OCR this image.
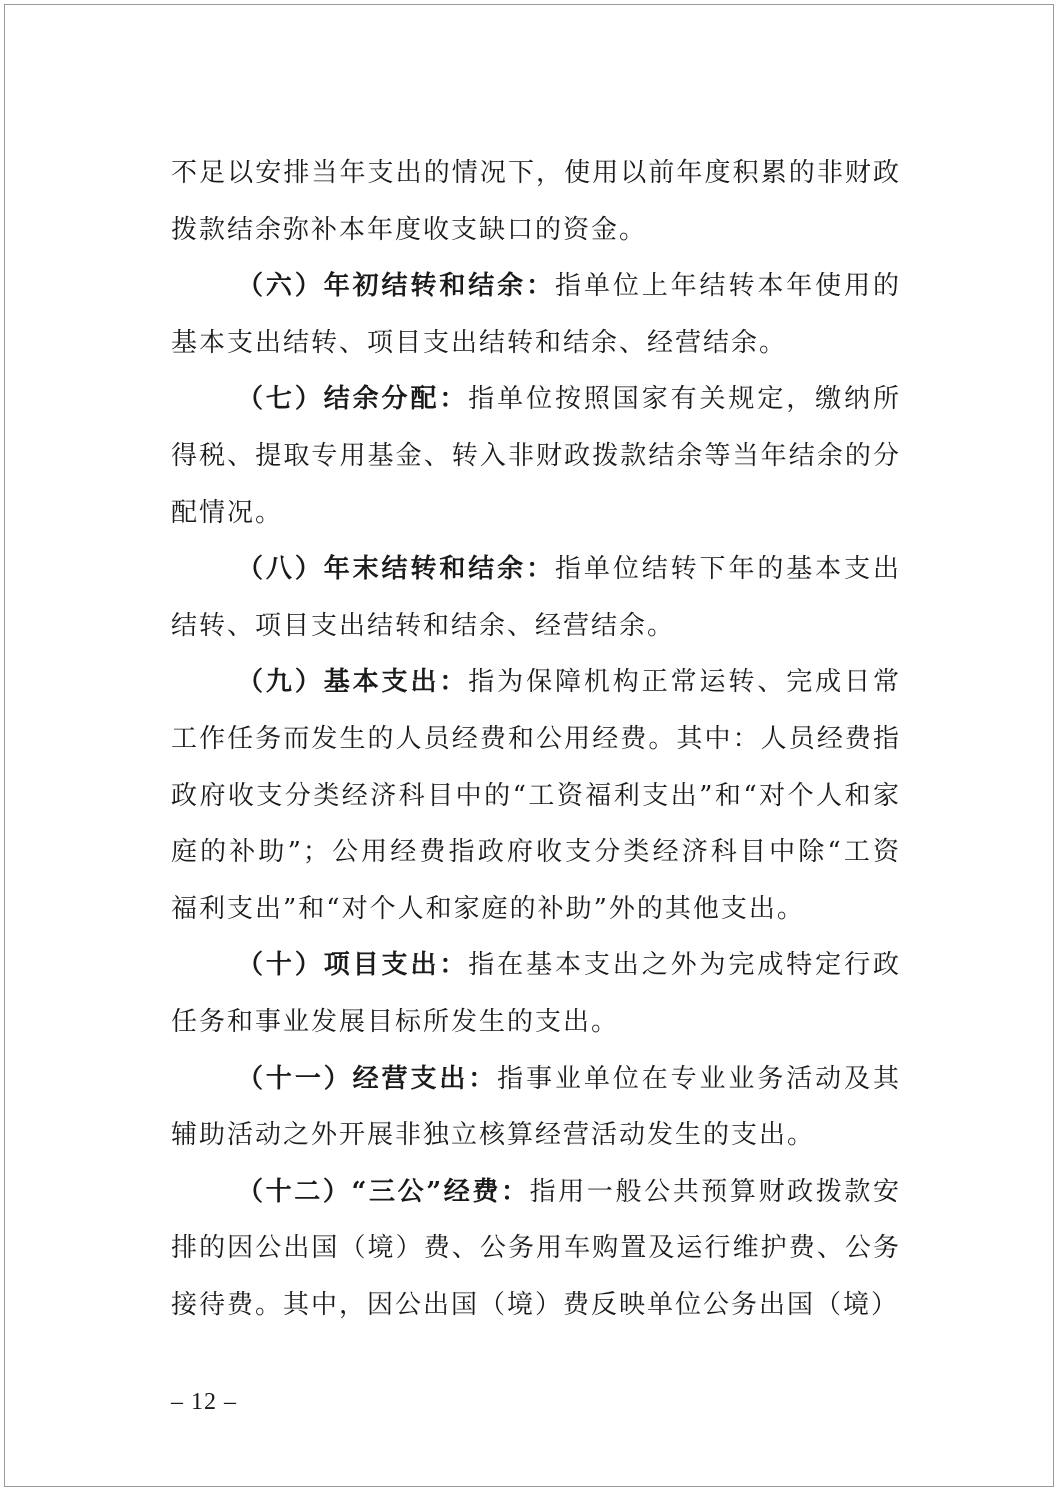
不足以安排当年支出的情况下，使用以前年度积累的非财政拨款结余弥补本年度收支缺口的资金。

（六）年初结转和结余：指单位上年结转本年使用的基本支出结转、项目支出结转和结余、经营结余。

（七）结余分配：指单位按照国家有关规定，缴纳所得税、提取专用基金、转入非财政拨款结余等当年结余的分配情况。

（八）年末结转和结余：指单位结转下年的基本支出结转、项目支出结转和结余、经营结余。

（九）基本支出：指为保障机构正常运转、完成日常工作任务而发生的人员经费和公用经费。其中：人员经费指政府收支分类经济科目中的“工资福利支出”和“对个人和家庭的补助”；公用经费指政府收支分类经济科目中除“工资福利支出”和“对个人和家庭的补助”外的其他支出。

（十）项目支出：指在基本支出之外为完成特定行政任务和事业发展目标所发生的支出。

（十一）经营支出：指事业单位在专业业务活动及其辅助活动之外开展非独立核算经营活动发生的支出。

（十二）“三公”经费：指用一般公共预算财政拨款安排的因公出国（境）费、公务用车购置及运行维护费、公务接待费。其中，因公出国（境）费反映单位公务出国（境）

– 12 –
